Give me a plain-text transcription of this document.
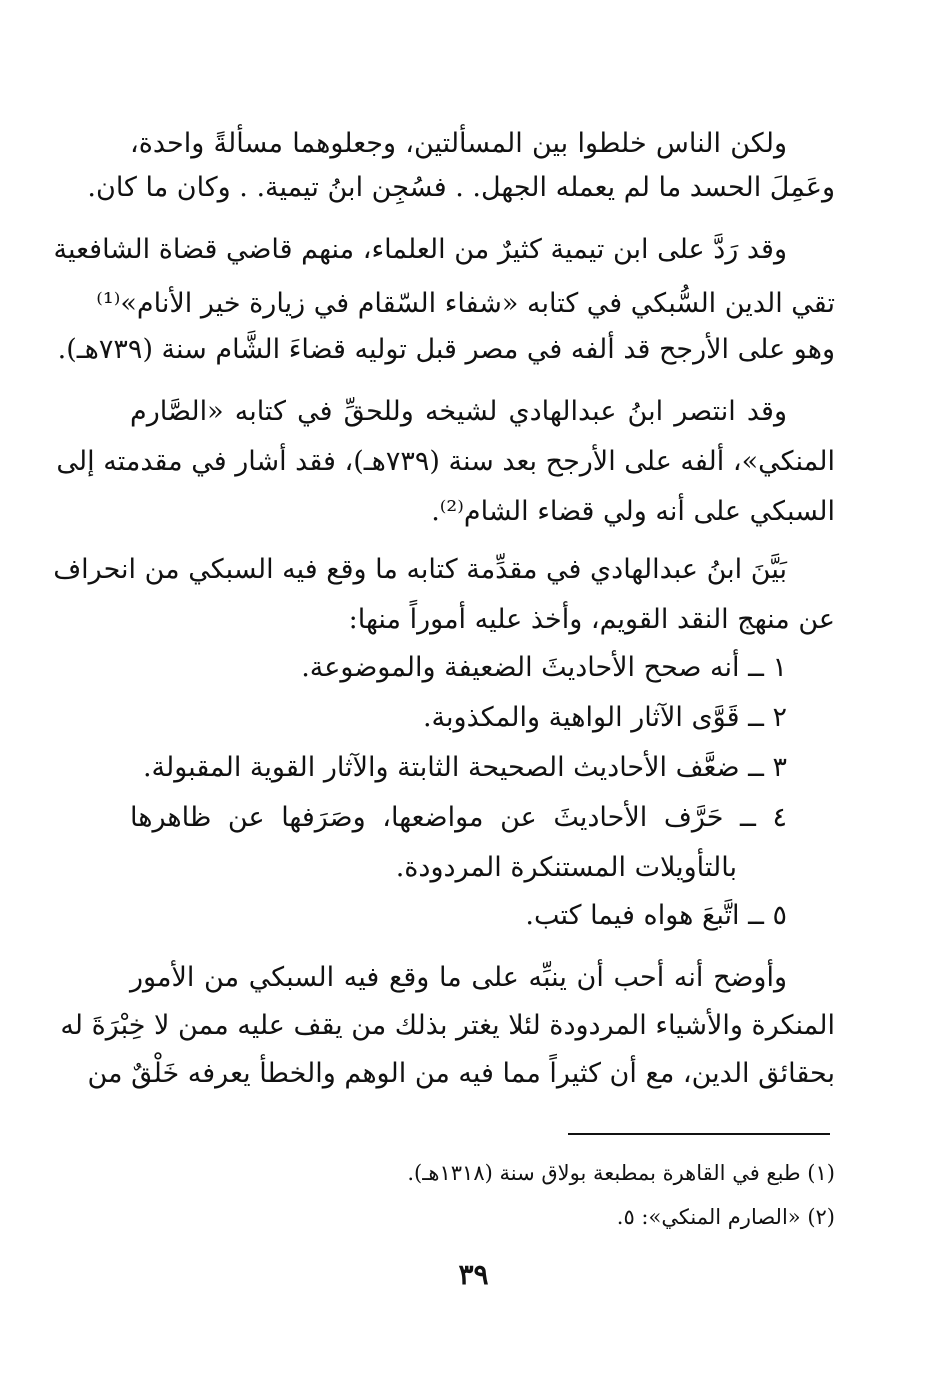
ولكن الناس خلطوا بين المسألتين، وجعلوهما مسألةً واحدة،
وعَمِلَ الحسد ما لم يعمله الجهل. . فسُجِن ابنُ تيمية. . وكان ما كان.
وقد رَدَّ على ابن تيمية كثيرٌ من العلماء، منهم قاضي قضاة الشافعية
تقي الدين السُّبكي في كتابه «شفاء السّقام في زيارة خير الأنام»⁽¹⁾
وهو على الأرجح قد ألفه في مصر قبل توليه قضاءَ الشَّام سنة (٧٣٩هـ).
وقد انتصر ابنُ عبدالهادي لشيخه وللحقِّ في كتابه «الصَّارم
المنكي»، ألفه على الأرجح بعد سنة (٧٣٩هـ)، فقد أشار في مقدمته إلى
السبكي على أنه ولي قضاء الشام⁽²⁾.
بَيَّنَ ابنُ عبدالهادي في مقدِّمة كتابه ما وقع فيه السبكي من انحراف
عن منهج النقد القويم، وأخذ عليه أموراً منها:
١ ــ أنه صحح الأحاديثَ الضعيفة والموضوعة.
٢ ــ قَوَّى الآثار الواهية والمكذوبة.
٣ ــ ضعَّف الأحاديث الصحيحة الثابتة والآثار القوية المقبولة.
٤ ــ حَرَّف الأحاديثَ عن مواضعها، وصَرَفها عن ظاهرها
بالتأويلات المستنكرة المردودة.
٥ ــ اتَّبعَ هواه فيما كتب.
وأوضح أنه أحب أن ينبِّه على ما وقع فيه السبكي من الأمور
المنكرة والأشياء المردودة لئلا يغتر بذلك من يقف عليه ممن لا خِبْرَةَ له
بحقائق الدين، مع أن كثيراً مما فيه من الوهم والخطأ يعرفه خَلْقٌ من
(١) طبع في القاهرة بمطبعة بولاق سنة (١٣١٨هـ).
(٢) «الصارم المنكي»: ٥.
٣٩
